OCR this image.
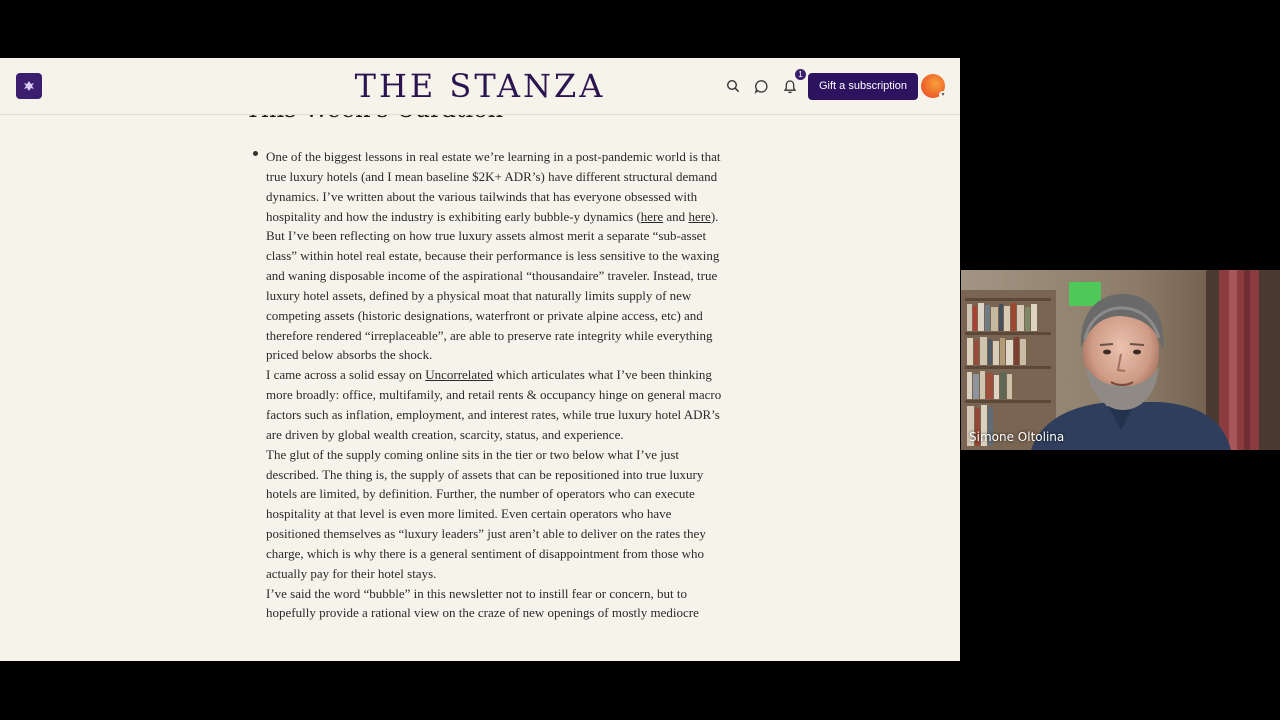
One of the biggest lessons in real estate we’re learning in a post-pandemic world is that true luxury hotels (and I mean baseline $2K+ ADR’s) have different structural demand dynamics. I’ve written about the various tailwinds that has everyone obsessed with hospitality and how the industry is exhibiting early bubble-y dynamics (here and here). But I’ve been reflecting on how true luxury assets almost merit a separate “sub-asset class” within hotel real estate, because their performance is less sensitive to the waxing and waning disposable income of the aspirational “thousandaire” traveler. Instead, true luxury hotel assets, defined by a physical moat that naturally limits supply of new competing assets (historic designations, waterfront or private alpine access, etc) and therefore rendered “irreplaceable”, are able to preserve rate integrity while everything priced below absorbs the shock.

I came across a solid essay on Uncorrelated which articulates what I’ve been thinking more broadly: office, multifamily, and retail rents & occupancy hinge on general macro factors such as inflation, employment, and interest rates, while true luxury hotel ADR’s are driven by global wealth creation, scarcity, status, and experience.

The glut of the supply coming online sits in the tier or two below what I’ve just described. The thing is, the supply of assets that can be repositioned into true luxury hotels are limited, by definition. Further, the number of operators who can execute hospitality at that level is even more limited. Even certain operators who have positioned themselves as “luxury leaders” just aren’t able to deliver on the rates they charge, which is why there is a general sentiment of disappointment from those who actually pay for their hotel stays.

I’ve said the word “bubble” in this newsletter not to instill fear or concern, but to hopefully provide a rational view on the craze of new openings of mostly mediocre

THE STANZA	1
Gift a subscription
▾
Simone Oltolina
